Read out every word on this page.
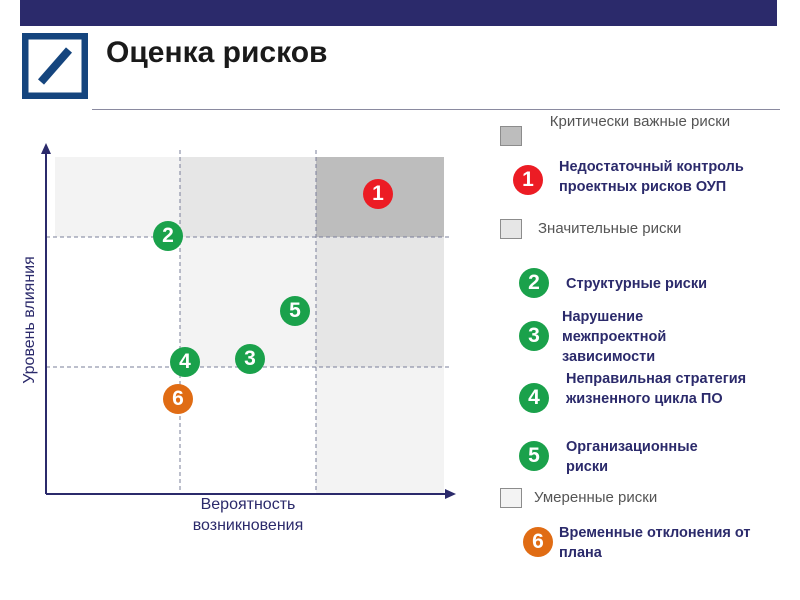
Оценка рисков
Уровень влияния
Вероятность возникновения
1
2
3
4
5
6
Критически важные риски
1
Недостаточный контроль проектных рисков ОУП
Значительные риски
2	Структурные риски
3
Нарушение межпроектной зависимости
4
Неправильная стратегия жизненного цикла ПО
5	Организационные риски
Умеренные риски
6	Временные отклонения от плана
